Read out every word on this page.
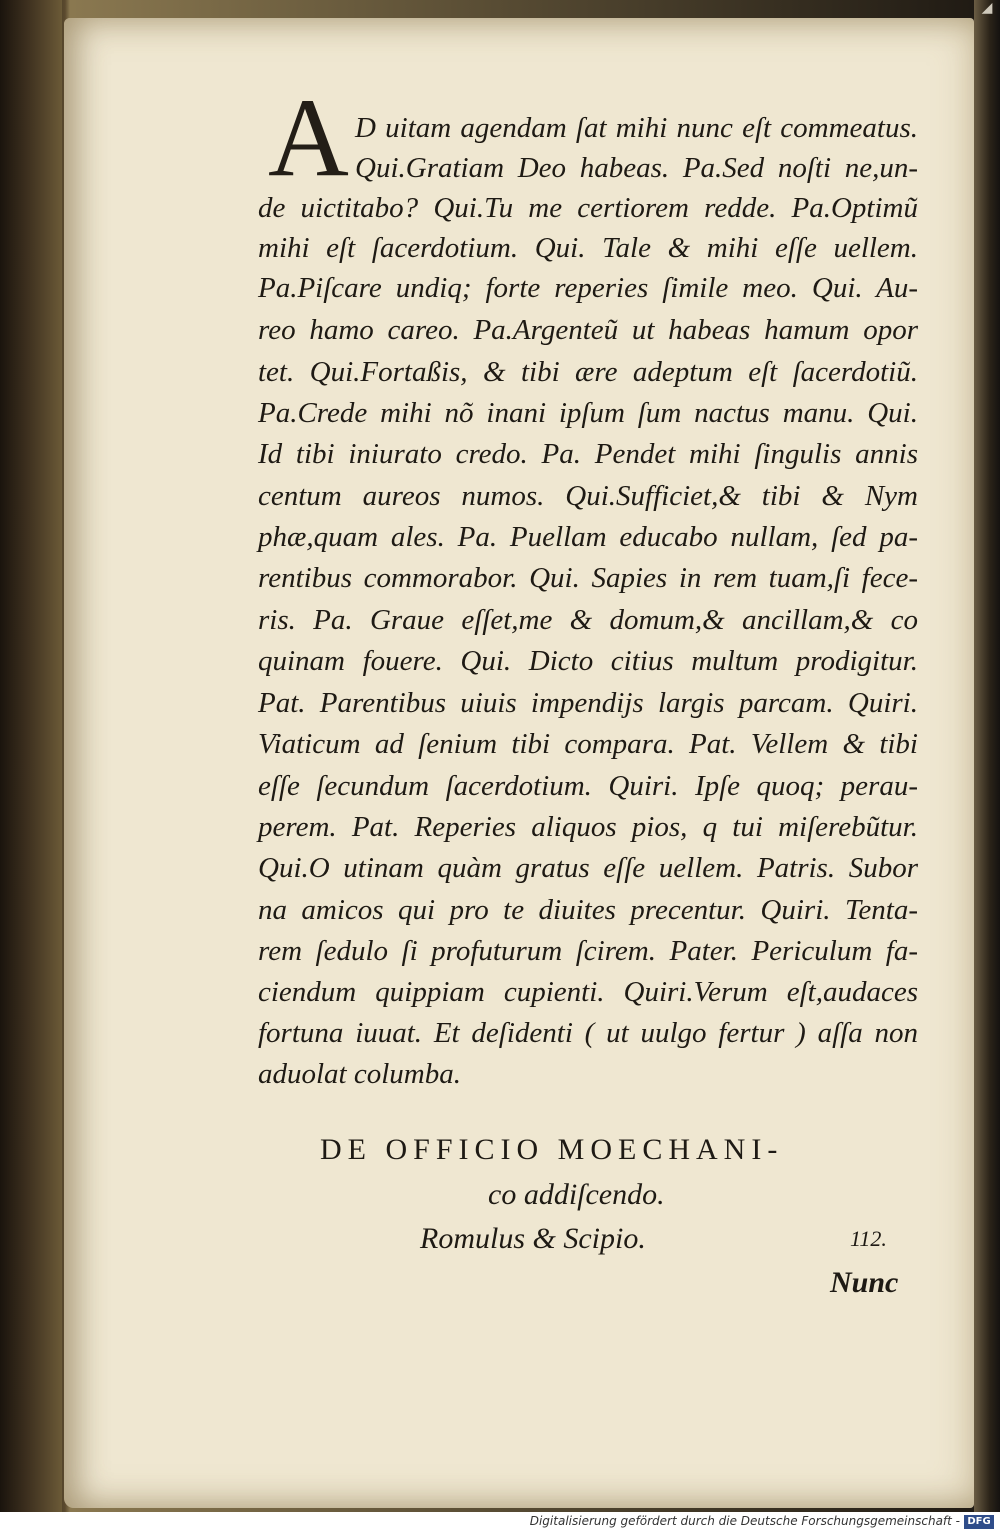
◢
A D uitam agendam ſat mihi nunc eſt commeatus.
Qui.Gratiam Deo habeas. Pa.Sed noſti ne,un-
de uictitabo? Qui.Tu me certiorem redde. Pa.Optimũ
mihi eſt ſacerdotium. Qui. Tale & mihi eſſe uellem.
Pa.Piſcare undiq; forte reperies ſimile meo. Qui. Au-
reo hamo careo. Pa.Argenteũ ut habeas hamum opor
tet. Qui.Fortaßis, & tibi ære adeptum eſt ſacerdotiũ.
Pa.Crede mihi nõ inani ipſum ſum nactus manu. Qui.
Id tibi iniurato credo. Pa. Pendet mihi ſingulis annis
centum aureos numos. Qui.Sufficiet,& tibi & Nym
phæ,quam ales. Pa. Puellam educabo nullam, ſed pa-
rentibus commorabor. Qui. Sapies in rem tuam,ſi fece-
ris. Pa. Graue eſſet,me & domum,& ancillam,& co
quinam fouere. Qui. Dicto citius multum prodigitur.
Pat. Parentibus uiuis impendijs largis parcam. Quiri.
Viaticum ad ſenium tibi compara. Pat. Vellem & tibi
eſſe ſecundum ſacerdotium. Quiri. Ipſe quoq; perau-
perem. Pat. Reperies aliquos pios, q tui miſerebũtur.
Qui.O utinam quàm gratus eſſe uellem. Patris. Subor
na amicos qui pro te diuites precentur. Quiri. Tenta-
rem ſedulo ſi profuturum ſcirem. Pater. Periculum fa-
ciendum quippiam cupienti. Quiri.Verum eſt,audaces
fortuna iuuat. Et deſidenti ( ut uulgo fertur ) aſſa non
aduolat columba.
DE OFFICIO MOECHANI-
co addiſcendo.
Romulus & Scipio.	112.
Nunc
Digitalisierung gefördert durch die Deutsche Forschungsgemeinschaft - DFG
